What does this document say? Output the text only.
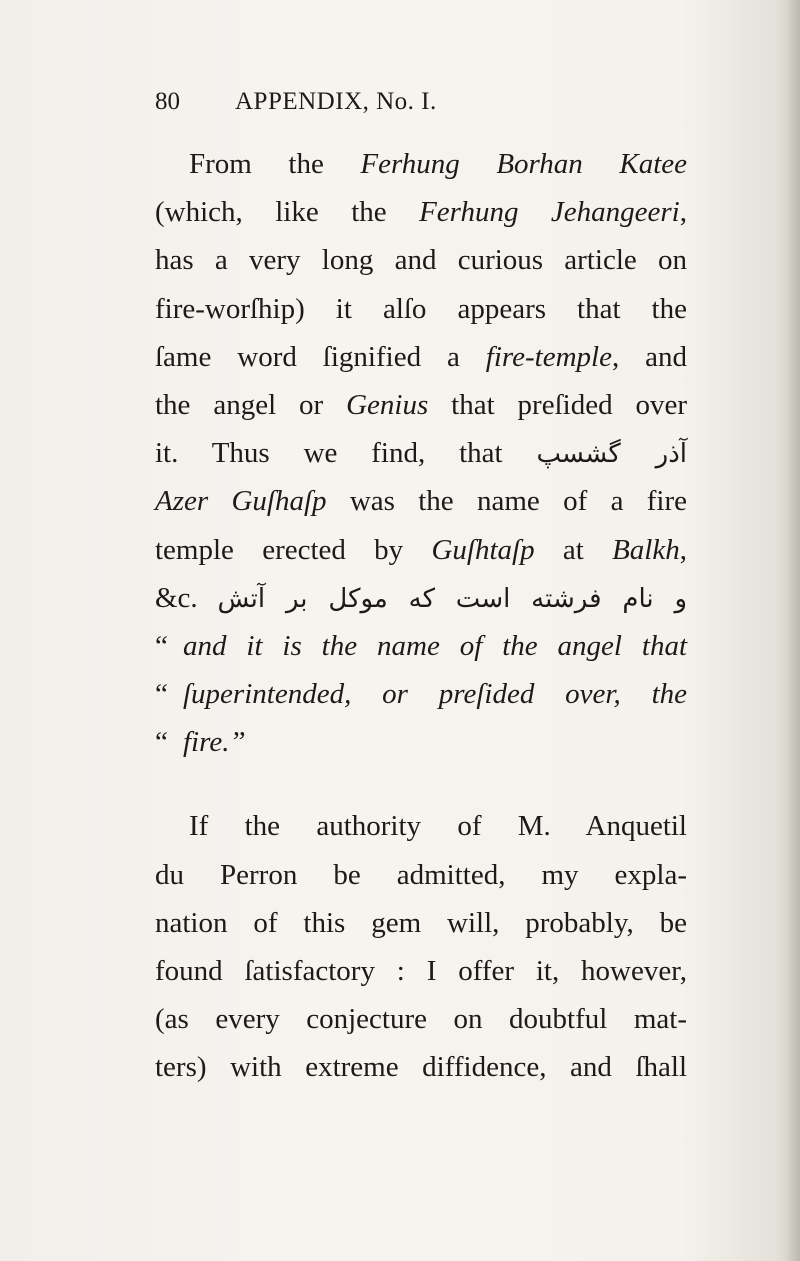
80 APPENDIX, No. I.
From the Ferhung Borhan Katee
(which, like the Ferhung Jehangeeri,
has a very long and curious article on
fire-worſhip) it alſo appears that the
ſame word ſignified a fire-temple, and
the angel or Genius that preſided over
it. Thus we find, that آذر گشسپ
Azer Guſhaſp was the name of a fire
temple erected by Guſhtaſp at Balkh,
&c. و نام فرشته است که موکل بر آتش
“ and it is the name of the angel that
“ ſuperintended, or preſided over, the
“ fire.”
If the authority of M. Anquetil
du Perron be admitted, my expla-
nation of this gem will, probably, be
found ſatisfactory : I offer it, however,
(as every conjecture on doubtful mat-
ters) with extreme diffidence, and ſhall
